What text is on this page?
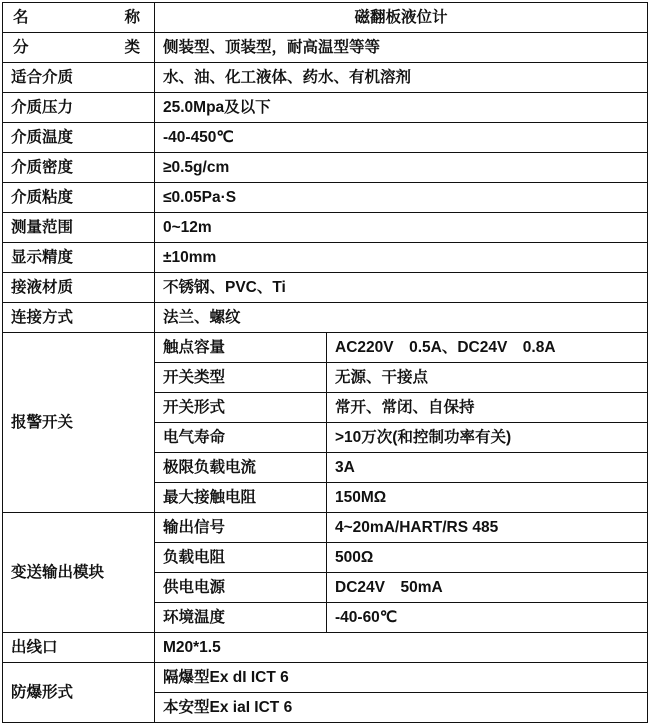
名 称	磁翻板液位计	

分 类	侧装型、顶装型，耐高温型等等	
适合介质	水、油、化工液体、药水、有机溶剂	
介质压力	25.0Mpa及以下	
介质温度	-40-450℃	
介质密度	≥0.5g/cm	
介质粘度	≤0.05Pa·S	
测量范围	0~12m	
显示精度	±10mm	
接液材质	不锈钢、PVC、Ti	
连接方式	法兰、螺纹	
报警开关	触点容量	AC220V　0.5A、DC24V　0.8A
	开关类型	无源、干接点
	开关形式	常开、常闭、自保持
	电气寿命	>10万次(和控制功率有关)
	极限负载电流	3A
	最大接触电阻	150MΩ
变送输出模块	输出信号	4~20mA/HART/RS 485
	负载电阻	500Ω
	供电电源	DC24V　50mA
	环境温度	-40-60℃
出线口	M20*1.5	
防爆形式	隔爆型Ex dI ICT 6	
	本安型Ex iaI ICT 6	
